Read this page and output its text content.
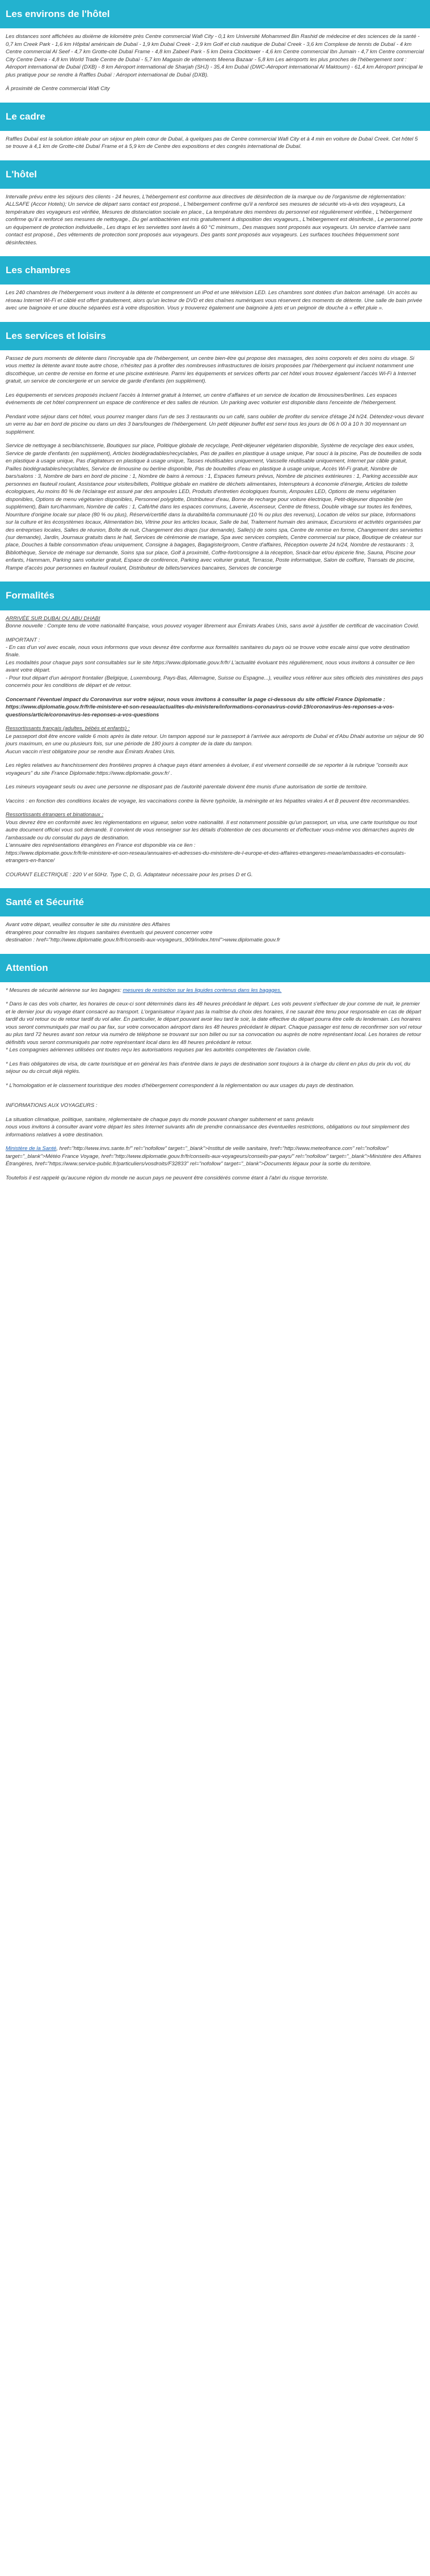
Les environs de l'hôtel

Les distances sont affichées au dixième de kilomètre près Centre commercial Wafi City - 0,1 km Université Mohammed Bin Rashid de médecine et des sciences de la santé - 0,7 km Creek Park - 1,6 km Hôpital américain de Dubaï - 1,9 km Dubaï Creek - 2,9 km Golf et club nautique de Dubaï Creek - 3,6 km Complexe de tennis de Dubaï - 4 km Centre commercial Al Seef - 4,7 km Grotte-cité Dubaï Frame - 4,8 km Zabeel Park - 5 km Deira Clocktower - 4,6 km Centre commercial Ibn Jumain - 4,7 km Centre commercial City Centre Deira - 4,8 km World Trade Centre de Dubaï - 5,7 km Magasin de vêtements Meena Bazaar - 5,8 km Les aéroports les plus proches de l'hébergement sont : Aéroport international de Dubaï (DXB) - 8 km Aéroport international de Sharjah (SHJ) - 35,4 km Dubaï (DWC-Aéroport international Al Maktoum) - 61,4 km Aéroport principal le plus pratique pour se rendre à Raffles Dubaï : Aéroport international de Dubaï (DXB).

À proximité de Centre commercial Wafi City

Le cadre

Raffles Dubaï est la solution idéale pour un séjour en plein cœur de Dubaï, à quelques pas de Centre commercial Wafi City et à 4 min en voiture de Dubaï Creek. Cet hôtel 5 se trouve à 4,1 km de Grotte-cité Dubaï Frame et à 5,9 km de Centre des expositions et des congrès international de Dubaï.

L'hôtel

Intervalle prévu entre les séjours des clients - 24 heures, L'hébergement est conforme aux directives de désinfection de la marque ou de l'organisme de réglementation: ALLSAFE (Accor Hotels); Un service de départ sans contact est proposé., L'hébergement confirme qu'il a renforcé ses mesures de sécurité vis-à-vis des voyageurs, La température des voyageurs est vérifiée, Mesures de distanciation sociale en place., La température des membres du personnel est régulièrement vérifiée., L'hébergement confirme qu'il a renforcé ses mesures de nettoyage., Du gel antibactérien est mis gratuitement à disposition des voyageurs., L'hébergement est désinfecté., Le personnel porte un équipement de protection individuelle., Les draps et les serviettes sont lavés à 60 °C minimum., Des masques sont proposés aux voyageurs. Un service d'arrivée sans contact est proposé., Des vêtements de protection sont proposés aux voyageurs. Des gants sont proposés aux voyageurs. Les surfaces touchées fréquemment sont désinfectées.

Les chambres

Les 240 chambres de l'hébergement vous invitent à la détente et comprennent un iPod et une télévision LED. Les chambres sont dotées d'un balcon aménagé. Un accès au réseau Internet Wi-Fi et câblé est offert gratuitement, alors qu'un lecteur de DVD et des chaînes numériques vous réservent des moments de détente. Une salle de bain privée avec une baignoire et une douche séparées est à votre disposition. Vous y trouverez également une baignoire à jets et un peignoir de douche à « effet pluie ».

Les services et loisirs

Passez de purs moments de détente dans l'incroyable spa de l'hébergement, un centre bien-être qui propose des massages, des soins corporels et des soins du visage. Si vous mettez la détente avant toute autre chose, n'hésitez pas à profiter des nombreuses infrastructures de loisirs proposées par l'hébergement qui incluent notamment une discothèque, un centre de remise en forme et une piscine extérieure. Parmi les équipements et services offerts par cet hôtel vous trouvez également l'accès Wi-Fi à Internet gratuit, un service de conciergerie et un service de garde d'enfants (en supplément).

Les équipements et services proposés incluent l'accès à Internet gratuit à Internet, un centre d'affaires et un service de location de limousines/berlines. Les espaces événements de cet hôtel comprennent un espace de conférence et des salles de réunion. Un parking avec voiturier est disponible dans l'enceinte de l'hébergement.

Pendant votre séjour dans cet hôtel, vous pourrez manger dans l'un de ses 3 restaurants ou un café, sans oublier de profiter du service d'étage 24 h/24. Détendez-vous devant un verre au bar en bord de piscine ou dans un des 3 bars/lounges de l'hébergement. Un petit déjeuner buffet est servi tous les jours de 06 h 00 à 10 h 30 moyennant un supplément.

Service de nettoyage à sec/blanchisserie, Boutiques sur place, Politique globale de recyclage, Petit-déjeuner végétarien disponible, Système de recyclage des eaux usées, Service de garde d'enfants (en supplément), Articles biodégradables/recyclables, Pas de pailles en plastique à usage unique, Par souci à la piscine, Pas de bouteilles de soda en plastique à usage unique, Pas d'agitateurs en plastique à usage unique, Tasses réutilisables uniquement, Vaisselle réutilisable uniquement, Internet par câble gratuit, Pailles biodégradables/recyclables, Service de limousine ou berline disponible, Pas de bouteilles d'eau en plastique à usage unique, Accès Wi-Fi gratuit, Nombre de bars/salons : 3, Nombre de bars en bord de piscine : 1, Nombre de bains à remous : 1, Espaces fumeurs prévus, Nombre de piscines extérieures : 1, Parking accessible aux personnes en fauteuil roulant, Assistance pour visites/billets, Politique globale en matière de déchets alimentaires, Interrupteurs à économie d'énergie, Articles de toilette écologiques, Au moins 80 % de l'éclairage est assuré par des ampoules LED, Produits d'entretien écologiques fournis, Ampoules LED, Options de menu végétarien disponibles, Options de menu végétarien disponibles, Personnel polyglotte, Distributeur d'eau, Borne de recharge pour voiture électrique, Petit-déjeuner disponible (en supplément), Bain turc/hammam, Nombre de cafés : 1, Café/thé dans les espaces communs, Laverie, Ascenseur, Centre de fitness, Double vitrage sur toutes les fenêtres, Nourriture d'origine locale sur place (80 % ou plus), Réservé/certifié dans la durabilité/la communauté (10 % ou plus des revenus), Location de vélos sur place, Informations sur la culture et les écosystèmes locaux, Alimentation bio, Vitrine pour les articles locaux, Salle de bal, Traitement humain des animaux, Excursions et activités organisées par des entreprises locales, Salles de réunion, Boîte de nuit, Changement des draps (sur demande), Salle(s) de soins spa, Centre de remise en forme, Changement des serviettes (sur demande), Jardin, Journaux gratuits dans le hall, Services de cérémonie de mariage, Spa avec services complets, Centre commercial sur place, Boutique de créateur sur place, Douches à faible consommation d'eau uniquement, Consigne à bagages, Bagagiste/groom, Centre d'affaires, Réception ouverte 24 h/24, Nombre de restaurants : 3, Bibliothèque, Service de ménage sur demande, Soins spa sur place, Golf à proximité, Coffre-fort/consigne à la réception, Snack-bar et/ou épicerie fine, Sauna, Piscine pour enfants, Hammam, Parking sans voiturier gratuit, Espace de conférence, Parking avec voiturier gratuit, Terrasse, Poste informatique, Salon de coiffure, Transats de piscine, Rampe d'accès pour personnes en fauteuil roulant, Distributeur de billets/services bancaires, Services de concierge

Formalités

ARRIVÉE SUR DUBAI OU ABU DHABI

Bonne nouvelle : Compte tenu de votre nationalité française, vous pouvez voyager librement aux Émirats Arabes Unis, sans avoir à justifier de certificat de vaccination Covid.

IMPORTANT :

- En cas d'un vol avec escale, nous vous informons que vous devrez être conforme aux formalités sanitaires du pays où se trouve votre escale ainsi que votre destination finale.
Les modalités pour chaque pays sont consultables sur le site https://www.diplomatie.gouv.fr/fr/ L'actualité évoluant très régulièrement, nous vous invitons à consulter ce lien avant votre départ.
- Pour tout départ d'un aéroport frontalier (Belgique, Luxembourg, Pays-Bas, Allemagne, Suisse ou Espagne...), veuillez vous référer aux sites officiels des ministères des pays concernés pour les conditions de départ et de retour.

Concernant l'éventuel impact du Coronavirus sur votre séjour, nous vous invitons à consulter la page ci-dessous du site officiel France Diplomatie :
https://www.diplomatie.gouv.fr/fr/le-ministere-et-son-reseau/actualites-du-ministere/informations-coronavirus-covid-19/coronavirus-les-reponses-a-vos-questions/article/coronavirus-les-reponses-a-vos-questions

Ressortissants français (adultes, bébés et enfants) :

Le passeport doit être encore valide 6 mois après la date retour. Un tampon apposé sur le passeport à l'arrivée aux aéroports de Dubaï et d'Abu Dhabi autorise un séjour de 90 jours maximum, en une ou plusieurs fois, sur une période de 180 jours à compter de la date du tampon.
Aucun vaccin n'est obligatoire pour se rendre aux Émirats Arabes Unis.

Les règles relatives au franchissement des frontières propres à chaque pays étant amenées à évoluer, il est vivement conseillé de se reporter à la rubrique "conseils aux voyageurs" du site France Diplomatie:https://www.diplomatie.gouv.fr/ .

Les mineurs voyageant seuls ou avec une personne ne disposant pas de l'autorité parentale doivent être munis d'une autorisation de sortie de territoire.

Vaccins : en fonction des conditions locales de voyage, les vaccinations contre la fièvre typhoïde, la méningite et les hépatites virales A et B peuvent être recommandées.

Ressortissants étrangers et binationaux :

Vous devrez être en conformité avec les réglementations en vigueur, selon votre nationalité. Il est notamment possible qu'un passeport, un visa, une carte touristique ou tout autre document officiel vous soit demandé. Il convient de vous renseigner sur les détails d'obtention de ces documents et d'effectuer vous-même vos démarches auprès de l'ambassade ou du consulat du pays de destination.
L'annuaire des représentations étrangères en France est disponible via ce lien :
https://www.diplomatie.gouv.fr/fr/le-ministere-et-son-reseau/annuaires-et-adresses-du-ministere-de-l-europe-et-des-affaires-etrangeres-meae/ambassades-et-consulats-etrangers-en-france/

COURANT ELECTRIQUE : 220 V et 50Hz. Type C, D, G. Adaptateur nécessaire pour les prises D et G.

Santé et Sécurité

Avant votre départ, veuillez consulter le site du ministère des Affaires
étrangères pour connaître les risques sanitaires éventuels qui peuvent concerner votre
destination : href="http://www.diplomatie.gouv.fr/fr/conseils-aux-voyageurs_909/index.html">www.diplomatie.gouv.fr

Attention

* Mesures de sécurité aérienne sur les bagages: mesures de restriction sur les liquides contenus dans les bagages.

* Dans le cas des vols charter, les horaires de ceux-ci sont déterminés dans les 48 heures précédant le départ. Les vols peuvent s'effectuer de jour comme de nuit, le premier et le dernier jour du voyage étant consacré au transport. L'organisateur n'ayant pas la maîtrise du choix des horaires, il ne saurait être tenu pour responsable en cas de départ tardif du vol retour ou de retour tardif du vol aller. En particulier, le départ pouvant avoir lieu tard le soir, la date effective du départ pourra être celle du lendemain. Les horaires vous seront communiqués par mail ou par fax, sur votre convocation aéroport dans les 48 heures précédant le départ. Chaque passager est tenu de reconfirmer son vol retour au plus tard 72 heures avant son retour via numéro de téléphone se trouvant sur son billet ou sur sa convocation ou auprès de notre représentant local. Les horaires de retour définitifs vous seront communiqués par notre représentant local dans les 48 heures précédant le retour.
* Les compagnies aériennes utilisées ont toutes reçu les autorisations requises par les autorités compétentes de l'aviation civile.

* Les frais obligatoires de visa, de carte touristique et en général les frais d'entrée dans le pays de destination sont toujours à la charge du client en plus du prix du vol, du séjour ou du circuit déjà réglés.

* L'homologation et le classement touristique des modes d'hébergement correspondent à la réglementation ou aux usages du pays de destination.

INFORMATIONS AUX VOYAGEURS :

La situation climatique, politique, sanitaire, réglementaire de chaque pays du monde pouvant changer subitement et sans préavis
nous vous invitons à consulter avant votre départ les sites Internet suivants afin de prendre connaissance des éventuelles restrictions, obligations ou tout simplement des informations relatives à votre destination.

Ministère de la Santé, href="http://www.invs.sante.fr/" rel="nofollow" target="_blank">Institut de veille sanitaire, href="http://www.meteofrance.com" rel="nofollow" target="_blank">Météo France Voyage, href="http://www.diplomatie.gouv.fr/fr/conseils-aux-voyageurs/conseils-par-pays/" rel="nofollow" target="_blank">Ministère des Affaires Étrangères, href="https://www.service-public.fr/particuliers/vosdroits/F32833" rel="nofollow" target="_blank">Documents légaux pour la sortie du territoire.

Toutefois il est rappelé qu'aucune région du monde ne aucun pays ne peuvent être considérés comme étant à l'abri du risque terroriste.
